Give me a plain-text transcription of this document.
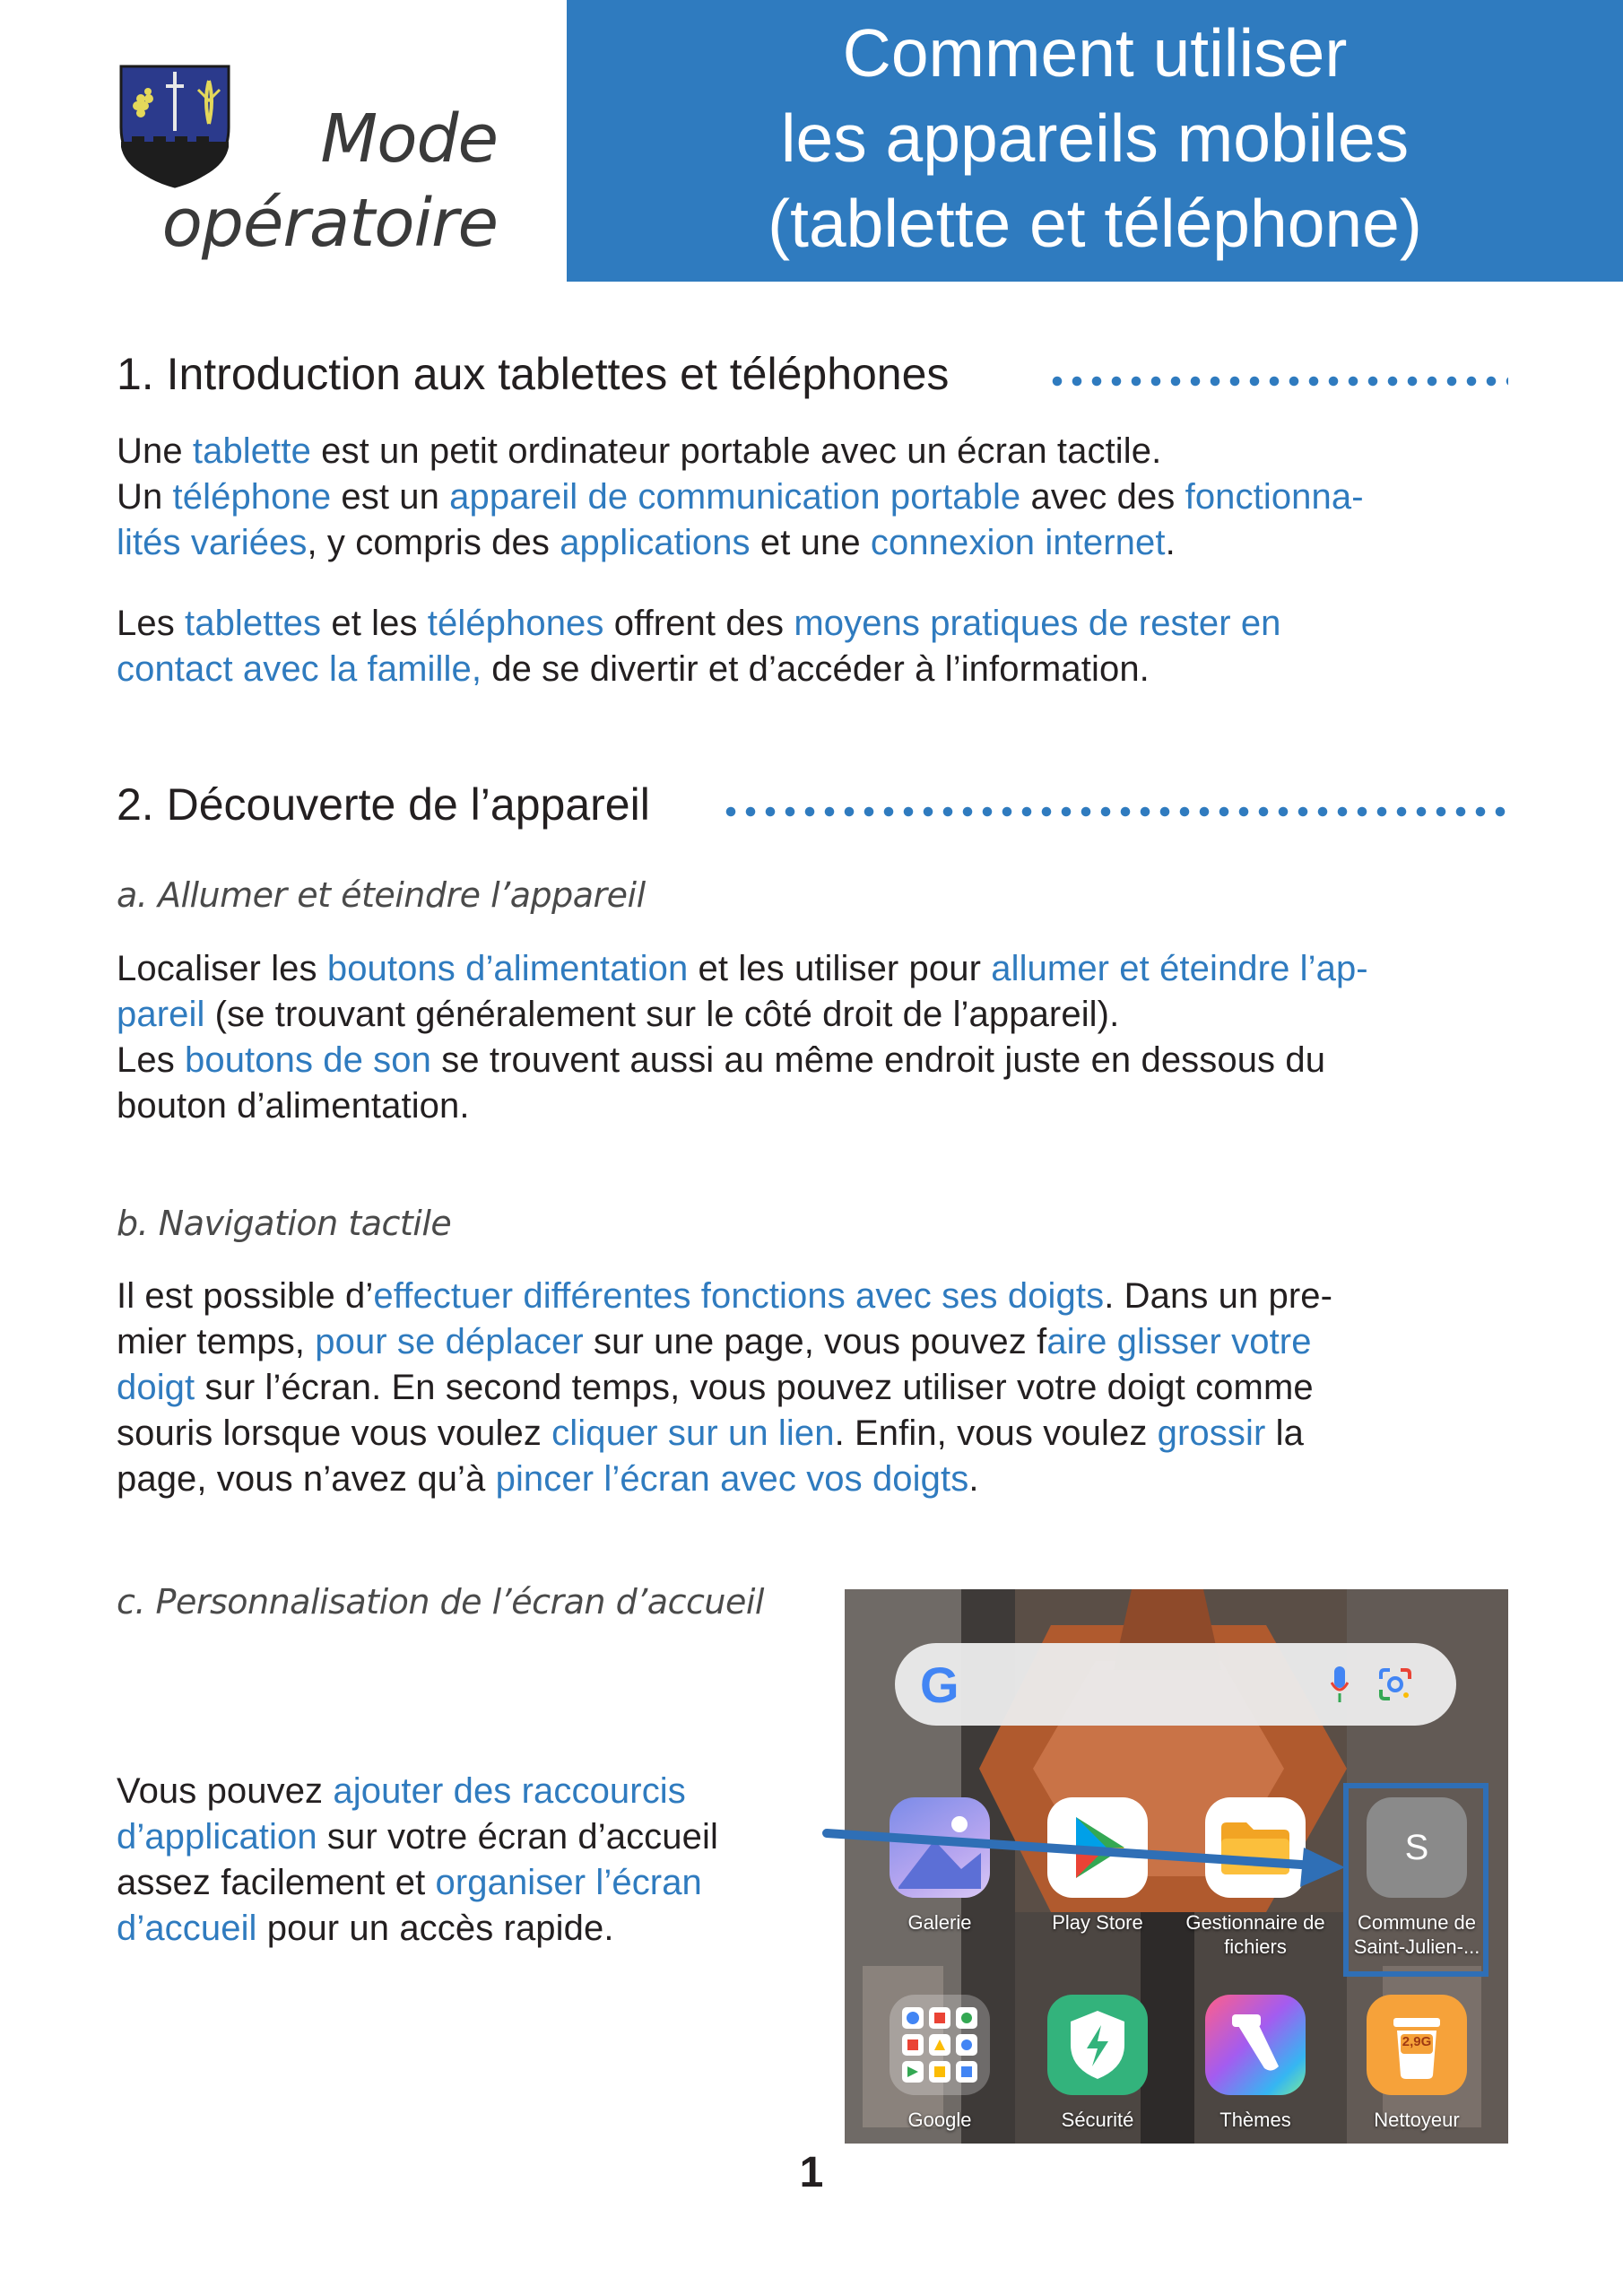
Mode
opératoire
Comment utiliser
les appareils mobiles
(tablette et téléphone)
1. Introduction aux tablettes et téléphones
Une tablette est un petit ordinateur portable avec un écran tactile.
Un téléphone est un appareil de communication portable avec des fonctionna-
lités variées, y compris des applications et une connexion internet.
Les tablettes et les téléphones offrent des moyens pratiques de rester en
contact avec la famille, de se divertir et d’accéder à l’information.
2. Découverte de l’appareil
a. Allumer et éteindre l’appareil
Localiser les boutons d’alimentation et les utiliser pour allumer et éteindre l’ap-
pareil (se trouvant généralement sur le côté droit de l’appareil).
Les boutons de son se trouvent aussi au même endroit juste en dessous du
bouton d’alimentation.
b. Navigation tactile
Il est possible d’effectuer différentes fonctions avec ses doigts. Dans un pre-
mier temps, pour se déplacer sur une page, vous pouvez faire glisser votre
doigt sur l’écran. En second temps, vous pouvez utiliser votre doigt comme
souris lorsque vous voulez cliquer sur un lien. Enfin, vous voulez grossir la
page, vous n’avez qu’à pincer l’écran avec vos doigts.
c. Personnalisation de l’écran d’accueil
Vous pouvez ajouter des raccourcis
d’application sur votre écran d’accueil
assez facilement et organiser l’écran
d’accueil pour un accès rapide.
G
Galerie	Play Store	Gestionnaire de fichiers
S
Commune de Saint-Julien-...
Google	Sécurité	Thèmes
2,9G
Nettoyeur
1
